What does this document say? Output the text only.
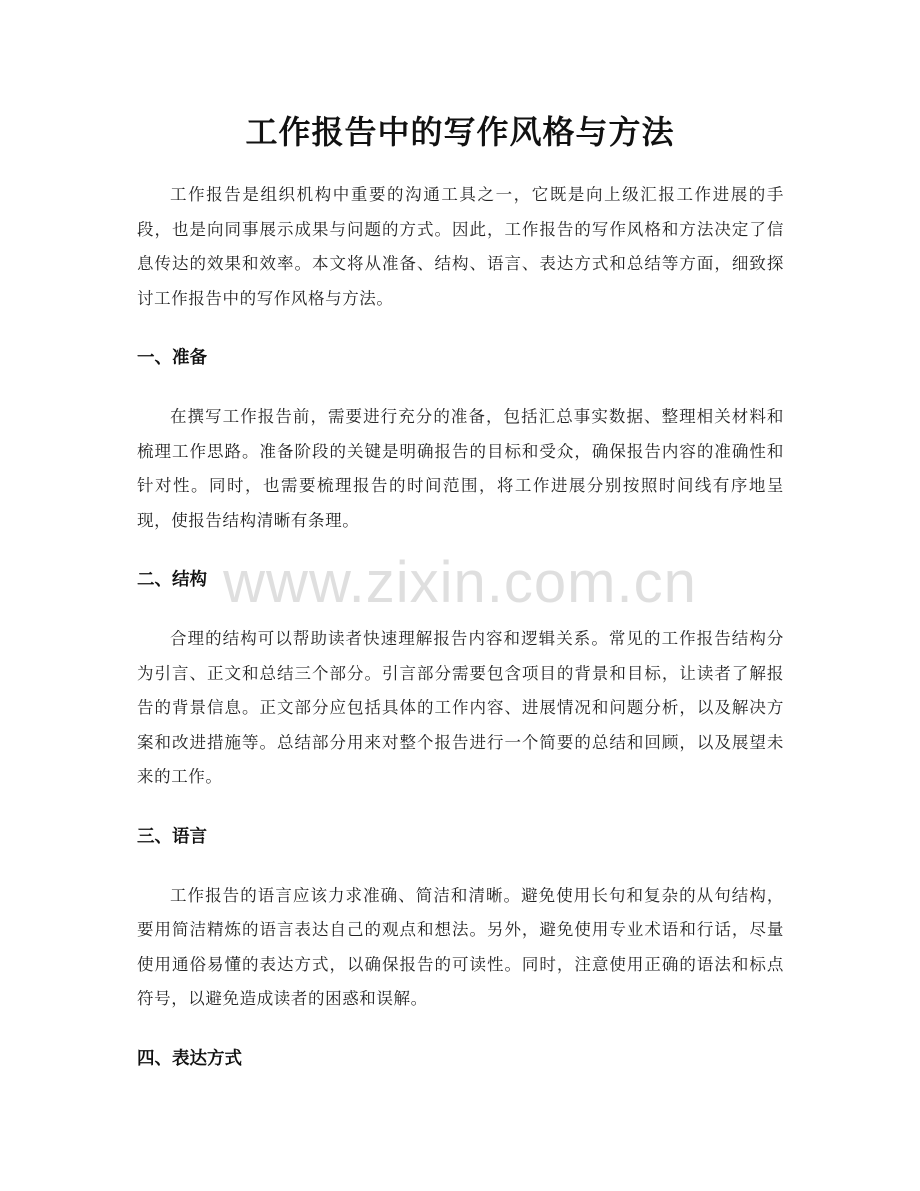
工作报告中的写作风格与方法

工作报告是组织机构中重要的沟通工具之一，它既是向上级汇报工作进展的手段，也是向同事展示成果与问题的方式。因此，工作报告的写作风格和方法决定了信息传达的效果和效率。本文将从准备、结构、语言、表达方式和总结等方面，细致探讨工作报告中的写作风格与方法。

一、准备

在撰写工作报告前，需要进行充分的准备，包括汇总事实数据、整理相关材料和梳理工作思路。准备阶段的关键是明确报告的目标和受众，确保报告内容的准确性和针对性。同时，也需要梳理报告的时间范围，将工作进展分别按照时间线有序地呈现，使报告结构清晰有条理。

二、结构

合理的结构可以帮助读者快速理解报告内容和逻辑关系。常见的工作报告结构分为引言、正文和总结三个部分。引言部分需要包含项目的背景和目标，让读者了解报告的背景信息。正文部分应包括具体的工作内容、进展情况和问题分析，以及解决方案和改进措施等。总结部分用来对整个报告进行一个简要的总结和回顾，以及展望未来的工作。

三、语言

工作报告的语言应该力求准确、简洁和清晰。避免使用长句和复杂的从句结构，要用简洁精炼的语言表达自己的观点和想法。另外，避免使用专业术语和行话，尽量使用通俗易懂的表达方式，以确保报告的可读性。同时，注意使用正确的语法和标点符号，以避免造成读者的困惑和误解。

四、表达方式
www.zixin.com.cn
